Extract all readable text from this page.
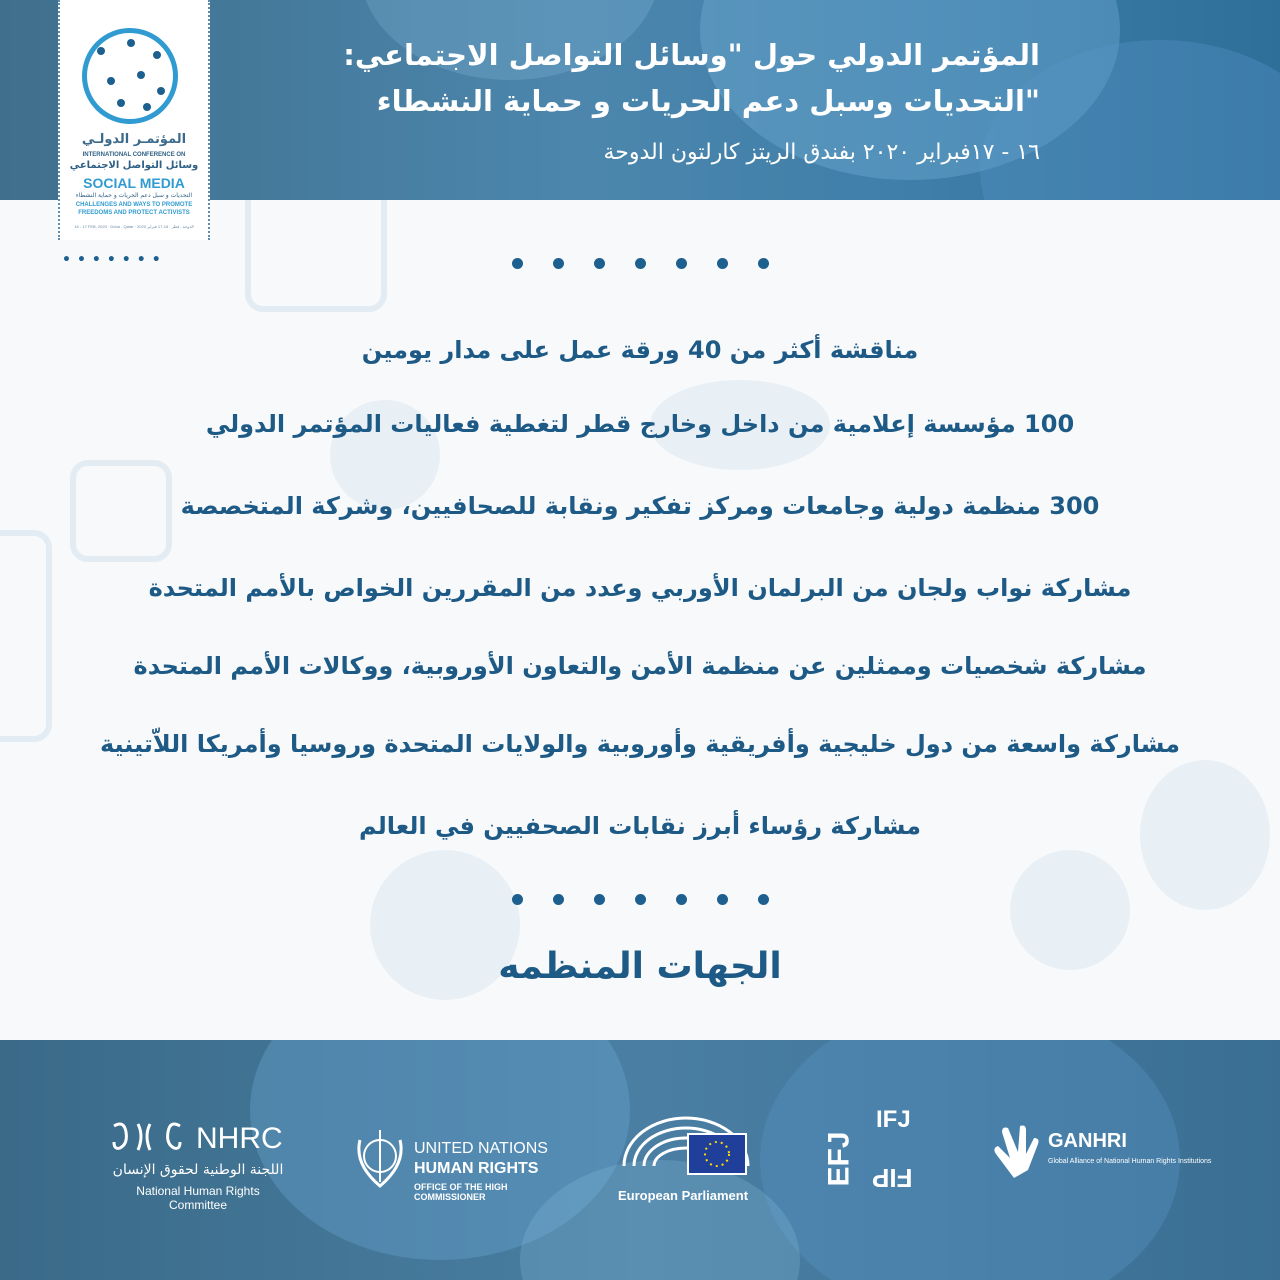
المؤتمر الدولي حول "وسائل التواصل الاجتماعي:
"التحديات وسبل دعم الحريات و حماية النشطاء
١٦ - ١٧فبراير ٢٠٢٠ بفندق الريتز كارلتون الدوحة
المؤتمـر الدولـي
INTERNATIONAL CONFERENCE ON
وسائل التواصل الاجتماعي
SOCIAL MEDIA
التحديات و سبل دعم الحريات و حماية النشطاء
CHALLENGES AND WAYS TO PROMOTE
FREEDOMS AND PROTECT ACTIVISTS
16 - 17 FEB, 2020 · Doha - Qatar · الدوحة - قطر · 16-17 فبراير 2020
•••••••
مناقشة أكثر من 40 ورقة عمل على مدار يومين
100 مؤسسة إعلامية من داخل وخارج قطر لتغطية فعاليات المؤتمر الدولي
300 منظمة دولية وجامعات ومركز تفكير ونقابة للصحافيين، وشركة المتخصصة
مشاركة نواب ولجان من البرلمان الأوربي وعدد من المقررين الخواص بالأمم المتحدة
مشاركة شخصيات وممثلين عن منظمة الأمن والتعاون الأوروبية، ووكالات الأمم المتحدة
مشاركة واسعة من دول خليجية وأفريقية وأوروبية والولايات المتحدة وروسيا وأمريكا اللاّتينية
مشاركة رؤساء أبرز نقابات الصحفيين في العالم
الجهات المنظمه
NHRC
اللجنة الوطنية لحقوق الإنسان
National Human Rights Committee
UNITED NATIONS
HUMAN RIGHTS
OFFICE OF THE HIGH COMMISSIONER	European Parliament
EFJ
IFJ
FIP
GANHRI
Global Alliance of National Human Rights Institutions
